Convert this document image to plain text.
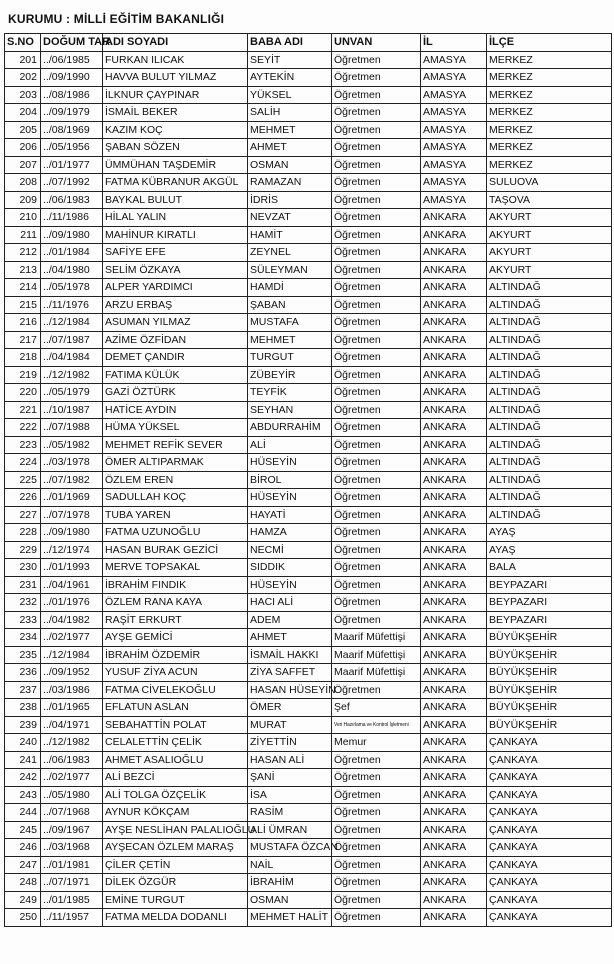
KURUMU : MİLLİ EĞİTİM BAKANLIĞI
S.NO	DOĞUM TAR.	ADI SOYADI	BABA ADI	UNVAN	İL	İLÇE
201	../06/1985	FURKAN ILICAK	SEYİT	Öğretmen	AMASYA	MERKEZ
202	../09/1990	HAVVA BULUT YILMAZ	AYTEKİN	Öğretmen	AMASYA	MERKEZ
203	../08/1986	İLKNUR ÇAYPINAR	YÜKSEL	Öğretmen	AMASYA	MERKEZ
204	../09/1979	İSMAİL BEKER	SALİH	Öğretmen	AMASYA	MERKEZ
205	../08/1969	KAZIM KOÇ	MEHMET	Öğretmen	AMASYA	MERKEZ
206	../05/1956	ŞABAN SÖZEN	AHMET	Öğretmen	AMASYA	MERKEZ
207	../01/1977	ÜMMÜHAN TAŞDEMİR	OSMAN	Öğretmen	AMASYA	MERKEZ
208	../07/1992	FATMA KÜBRANUR AKGÜL	RAMAZAN	Öğretmen	AMASYA	SULUOVA
209	../06/1983	BAYKAL BULUT	İDRİS	Öğretmen	AMASYA	TAŞOVA
210	../11/1986	HİLAL YALIN	NEVZAT	Öğretmen	ANKARA	AKYURT
211	../09/1980	MAHİNUR KIRATLI	HAMİT	Öğretmen	ANKARA	AKYURT
212	../01/1984	SAFİYE EFE	ZEYNEL	Öğretmen	ANKARA	AKYURT
213	../04/1980	SELİM ÖZKAYA	SÜLEYMAN	Öğretmen	ANKARA	AKYURT
214	../05/1978	ALPER YARDIMCI	HAMDİ	Öğretmen	ANKARA	ALTINDAĞ
215	../11/1976	ARZU ERBAŞ	ŞABAN	Öğretmen	ANKARA	ALTINDAĞ
216	../12/1984	ASUMAN YILMAZ	MUSTAFA	Öğretmen	ANKARA	ALTINDAĞ
217	../07/1987	AZİME ÖZFİDAN	MEHMET	Öğretmen	ANKARA	ALTINDAĞ
218	../04/1984	DEMET ÇANDIR	TURGUT	Öğretmen	ANKARA	ALTINDAĞ
219	../12/1982	FATIMA KÜLÜK	ZÜBEYİR	Öğretmen	ANKARA	ALTINDAĞ
220	../05/1979	GAZİ ÖZTÜRK	TEYFİK	Öğretmen	ANKARA	ALTINDAĞ
221	../10/1987	HATİCE AYDIN	SEYHAN	Öğretmen	ANKARA	ALTINDAĞ
222	../07/1988	HÜMA YÜKSEL	ABDURRAHİM	Öğretmen	ANKARA	ALTINDAĞ
223	../05/1982	MEHMET REFİK SEVER	ALİ	Öğretmen	ANKARA	ALTINDAĞ
224	../03/1978	ÖMER ALTIPARMAK	HÜSEYİN	Öğretmen	ANKARA	ALTINDAĞ
225	../07/1982	ÖZLEM EREN	BİROL	Öğretmen	ANKARA	ALTINDAĞ
226	../01/1969	SADULLAH KOÇ	HÜSEYİN	Öğretmen	ANKARA	ALTINDAĞ
227	../07/1978	TUBA YAREN	HAYATİ	Öğretmen	ANKARA	ALTINDAĞ
228	../09/1980	FATMA UZUNOĞLU	HAMZA	Öğretmen	ANKARA	AYAŞ
229	../12/1974	HASAN BURAK GEZİCİ	NECMİ	Öğretmen	ANKARA	AYAŞ
230	../01/1993	MERVE TOPSAKAL	SIDDIK	Öğretmen	ANKARA	BALA
231	../04/1961	İBRAHİM FINDIK	HÜSEYİN	Öğretmen	ANKARA	BEYPAZARI
232	../01/1976	ÖZLEM RANA KAYA	HACI ALİ	Öğretmen	ANKARA	BEYPAZARI
233	../04/1982	RAŞİT ERKURT	ADEM	Öğretmen	ANKARA	BEYPAZARI
234	../02/1977	AYŞE GEMİCİ	AHMET	Maarif Müfettişi	ANKARA	BÜYÜKŞEHİR
235	../12/1984	İBRAHİM ÖZDEMİR	İSMAİL HAKKI	Maarif Müfettişi	ANKARA	BÜYÜKŞEHİR
236	../09/1952	YUSUF ZİYA ACUN	ZİYA SAFFET	Maarif Müfettişi	ANKARA	BÜYÜKŞEHİR
237	../03/1986	FATMA CİVELEKOĞLU	HASAN HÜSEYİN	Öğretmen	ANKARA	BÜYÜKŞEHİR
238	../01/1965	EFLATUN ASLAN	ÖMER	Şef	ANKARA	BÜYÜKŞEHİR
239	../04/1971	SEBAHATTİN POLAT	MURAT	Veri Hazırlama ve Kontrol İşletmeni	ANKARA	BÜYÜKŞEHİR
240	../12/1982	CELALETTİN ÇELİK	ZİYETTİN	Memur	ANKARA	ÇANKAYA
241	../06/1983	AHMET ASALIOĞLU	HASAN ALİ	Öğretmen	ANKARA	ÇANKAYA
242	../02/1977	ALİ BEZCİ	ŞANİ	Öğretmen	ANKARA	ÇANKAYA
243	../05/1980	ALİ TOLGA ÖZÇELİK	İSA	Öğretmen	ANKARA	ÇANKAYA
244	../07/1968	AYNUR KÖKÇAM	RASİM	Öğretmen	ANKARA	ÇANKAYA
245	../09/1967	AYŞE NESLİHAN PALALIOĞLU	ALİ ÜMRAN	Öğretmen	ANKARA	ÇANKAYA
246	../03/1968	AYŞECAN ÖZLEM MARAŞ	MUSTAFA ÖZCAN	Öğretmen	ANKARA	ÇANKAYA
247	../01/1981	ÇİLER ÇETİN	NAİL	Öğretmen	ANKARA	ÇANKAYA
248	../07/1971	DİLEK ÖZGÜR	İBRAHİM	Öğretmen	ANKARA	ÇANKAYA
249	../01/1985	EMİNE TURGUT	OSMAN	Öğretmen	ANKARA	ÇANKAYA
250	../11/1957	FATMA MELDA DODANLI	MEHMET HALİT	Öğretmen	ANKARA	ÇANKAYA
